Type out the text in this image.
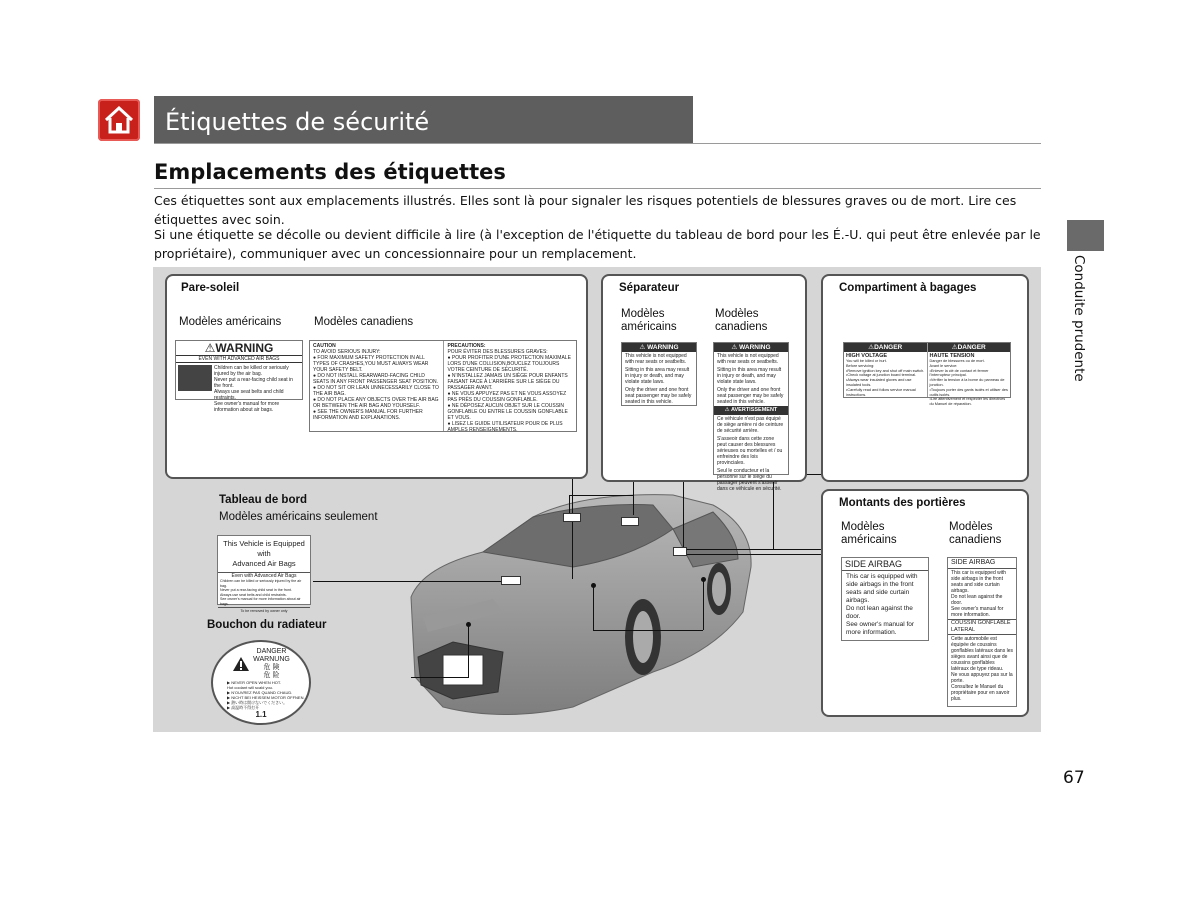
Étiquettes de sécurité
Emplacements des étiquettes
Ces étiquettes sont aux emplacements illustrés. Elles sont là pour signaler les risques potentiels de blessures graves ou de mort. Lire ces étiquettes avec soin.
Si une étiquette se décolle ou devient difficile à lire (à l'exception de l'étiquette du tableau de bord pour les É.-U. qui peut être enlevée par le propriétaire), communiquer avec un concessionnaire pour un remplacement.
Conduite prudente
67
Pare-soleil
Modèles américains	Modèles canadiens
⚠WARNING
EVEN WITH ADVANCED AIR BAGS
Children can be killed or seriously injured by the air bag.
Never put a rear-facing child seat in the front.
Always use seat belts and child restraints.
See owner's manual for more information about air bags.
CAUTION
TO AVOID SERIOUS INJURY:
● FOR MAXIMUM SAFETY PROTECTION IN ALL TYPES OF CRASHES,YOU MUST ALWAYS WEAR YOUR SAFETY BELT.
● DO NOT INSTALL REARWARD-FACING CHILD SEATS IN ANY FRONT PASSENGER SEAT POSITION.
● DO NOT SIT OR LEAN UNNECESSARILY CLOSE TO THE AIR BAG.
● DO NOT PLACE ANY OBJECTS OVER THE AIR BAG OR BETWEEN THE AIR BAG AND YOURSELF.
● SEE THE OWNER'S MANUAL FOR FURTHER INFORMATION AND EXPLANATIONS.
PRECAUTIONS:
POUR ÉVITER DES BLESSURES GRAVES:
● POUR PROFITER D'UNE PROTECTION MAXIMALE LORS D'UNE COLLISION,BOUCLEZ TOUJOURS VOTRE CEINTURE DE SÉCURITÉ.
● N'INSTALLEZ JAMAIS UN SIÈGE POUR ENFANTS FAISANT FACE À L'ARRIÈRE SUR LE SIÈGE DU PASSAGER AVANT.
● NE VOUS APPUYEZ PAS ET NE VOUS ASSOYEZ PAS PRÈS DU COUSSIN GONFLABLE.
● NE DÉPOSEZ AUCUN OBJET SUR LE COUSSIN GONFLABLE OU ENTRE LE COUSSIN GONFLABLE ET VOUS.
● LISEZ LE GUIDE UTILISATEUR POUR DE PLUS AMPLES RENSEIGNEMENTS.
Séparateur
Modèles américains
Modèles canadiens
⚠ WARNING
This vehicle is not equipped with rear seats or seatbelts.
Sitting in this area may result in injury or death, and may violate state laws.
Only the driver and one front seat passenger may be safely seated in this vehicle.
⚠ WARNING
This vehicle is not equipped with rear seats or seatbelts.
Sitting in this area may result in injury or death, and may violate state laws.
Only the driver and one front seat passenger may be safely seated in this vehicle.
⚠ AVERTISSEMENT
Ce véhicule n'est pas équipé de siège arrière ni de ceinture de sécurité arrière.
S'asseoir dans cette zone peut causer des blessures sérieuses ou mortelles et / ou enfreindre des lois provinciales.
Seul le conducteur et la personne sur le siège du passager peuvent s'asseoir dans ce véhicule en sécurité.
Compartiment à bagages
⚠DANGER
HIGH VOLTAGE
You will be killed or hurt.
Before servicing:
•Remove ignition key and shut off main switch.
•Check voltage at junction board terminal.
•Always wear insulated gloves and use insulated tools.
•Carefully read and follow service manual instructions.
⚠DANGER
HAUTE TENSION
Danger de blessures ou de mort.
Avant le service:
•Enlever la clé de contact et fermer l'interrupteur principal.
•Vérifier la tension à la borne du panneau de jonction.
•Toujours porter des gants isolés et utiliser des outils isolés.
•Lire attentivement et respecter les directives du Manuel de réparation.
Tableau de bord
Modèles américains seulement
This Vehicle is Equipped with
Advanced Air Bags
Even with Advanced Air Bags
Children can be killed or seriously injured by the air bag.
Never put a rear-facing child seat in the front.
Always use seat belts and child restraints.
See owner's manual for more information about air bags.
To be removed by owner only
Bouchon du radiateur
DANGER
WARNUNG
危 険
危 险
▶ NEVER OPEN WHEN HOT.
Hot coolant will scald you.
▶ N'OUVREZ PAS QUAND CHAUD.
▶ NICHT BEI HEISSEM MOTOR ÖFFNEN.
▶ 熱い時は開けないでください。
▶ 高温時不得打开
1.1
Montants des portières
Modèles américains
Modèles canadiens
SIDE AIRBAG
This car is equipped with side airbags in the front seats and side curtain airbags.
Do not lean against the door.
See owner's manual for more information.
SIDE AIRBAG
This car is equipped with side airbags in the front seats and side curtain airbags.
Do not lean against the door.
See owner's manual for more information.
COUSSIN GONFLABLE LATERAL
Cette automobile est équipée de coussins gonflables latéraux dans les sièges avant ainsi que de coussins gonflables latéraux de type rideau.
Ne vous appuyez pas sur la porte.
Consultez le Manuel du propriétaire pour en savoir plus.
